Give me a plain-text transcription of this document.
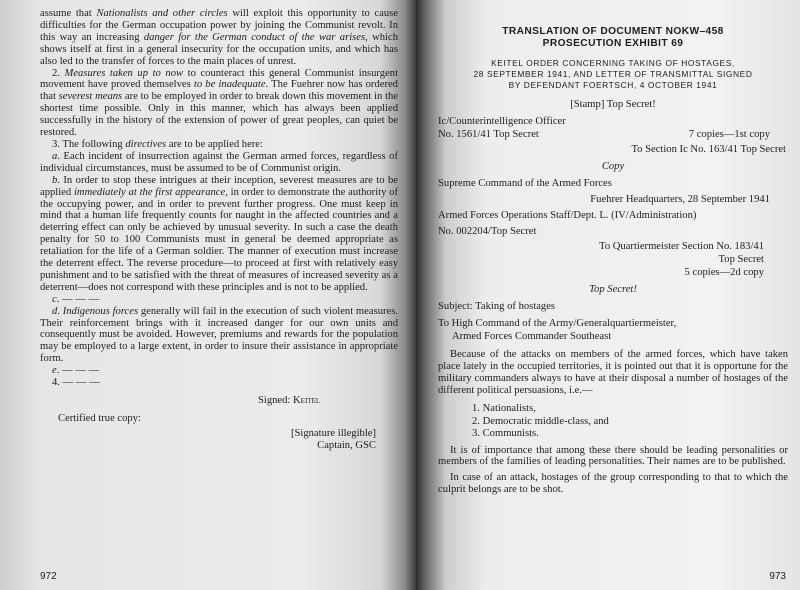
assume that Nationalists and other circles will exploit this opportunity to cause difficulties for the German occupation power by joining the Communist revolt. In this way an increasing danger for the German conduct of the war arises, which shows itself at first in a general insecurity for the occupation units, and which has also led to the transfer of forces to the main places of unrest.

2. Measures taken up to now to counteract this general Communist insurgent movement have proved themselves to be inadequate. The Fuehrer now has ordered that severest means are to be employed in order to break down this movement in the shortest time possible. Only in this manner, which has always been applied successfully in the history of the extension of power of great peoples, can quiet be restored.

3. The following directives are to be applied here:

a. Each incident of insurrection against the German armed forces, regardless of individual circumstances, must be assumed to be of Communist origin.

b. In order to stop these intrigues at their inception, severest measures are to be applied immediately at the first appearance, in order to demonstrate the authority of the occupying power, and in order to prevent further progress. One must keep in mind that a human life frequently counts for naught in the affected countries and a deterring effect can only be achieved by unusual severity. In such a case the death penalty for 50 to 100 Communists must in general be deemed appropriate as retaliation for the life of a German soldier. The manner of execution must increase the deterrent effect. The reverse procedure—to proceed at first with relatively easy punishment and to be satisfied with the threat of measures of increased severity as a deterrent—does not correspond with these principles and is not to be applied.

c. — — —

d. Indigenous forces generally will fail in the execution of such violent measures. Their reinforcement brings with it increased danger for our own units and consequently must be avoided. However, premiums and rewards for the population may be employed to a large extent, in order to insure their assistance in appropriate form.

e. — — —

4. — — —

Signed: Keitel

Certified true copy:

[Signature illegible]

Captain, GSC

972
TRANSLATION OF DOCUMENT NOKW–458
PROSECUTION EXHIBIT 69
KEITEL ORDER CONCERNING TAKING OF HOSTAGES,
28 SEPTEMBER 1941, AND LETTER OF TRANSMITTAL SIGNED
BY DEFENDANT FOERTSCH, 4 OCTOBER 1941

[Stamp] Top Secret!

Ic/Counterintelligence Officer

No. 1561/41 Top Secret	7 copies—1st copy

To Section Ic No. 163/41 Top Secret

Copy

Supreme Command of the Armed Forces

Fuehrer Headquarters, 28 September 1941

Armed Forces Operations Staff/Dept. L. (IV/Administration)

No. 002204/Top Secret

To Quartiermeister Section No. 183/41

Top Secret

5 copies—2d copy

Top Secret!

Subject: Taking of hostages

To High Command of the Army/Generalquartiermeister,

Armed Forces Commander Southeast

Because of the attacks on members of the armed forces, which have taken place lately in the occupied territories, it is pointed out that it is opportune for the military commanders always to have at their disposal a number of hostages of the different political persuasions, i.e.—

1. Nationalists,

2. Democratic middle-class, and

3. Communists.

It is of importance that among these there should be leading personalities or members of the families of leading personalities. Their names are to be published.

In case of an attack, hostages of the group corresponding to that to which the culprit belongs are to be shot.

973
